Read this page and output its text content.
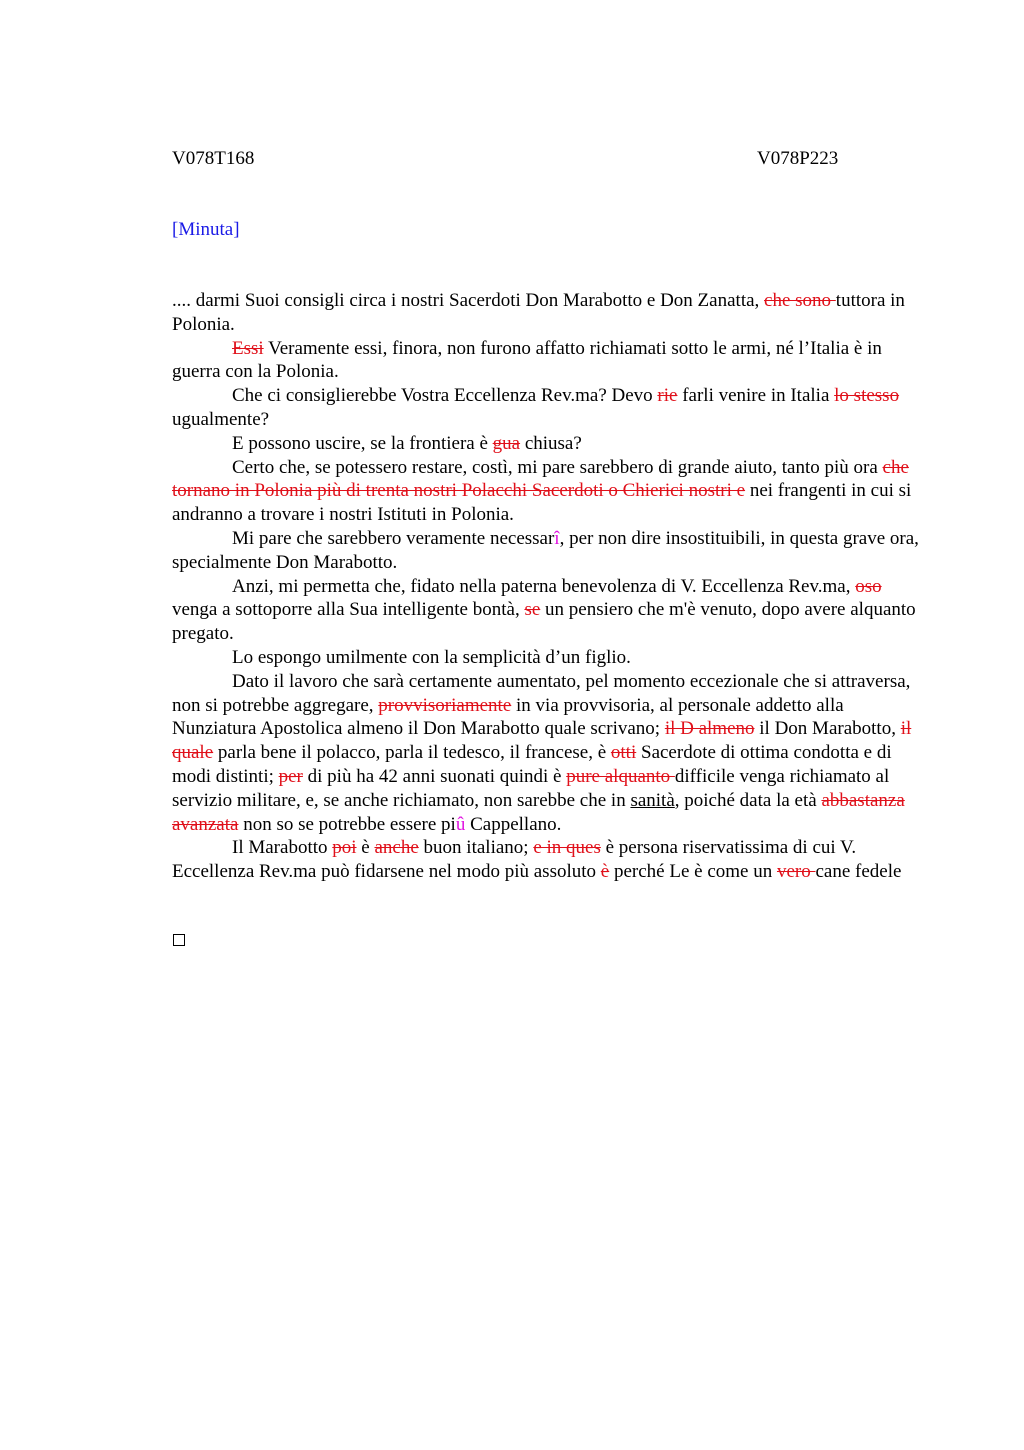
V078T168	V078P223
[Minuta]

.... darmi Suoi consigli circa i nostri Sacerdoti Don Marabotto e Don Zanatta, che sono tuttora in Polonia.

Essi Veramente essi, finora, non furono affatto richiamati sotto le armi, né l’Italia è in guerra con la Polonia.

Che ci consiglierebbe Vostra Eccellenza Rev.ma? Devo rie farli venire in Italia lo stesso ugualmente?

E possono uscire, se la frontiera è gua chiusa?

Certo che, se potessero restare, costì, mi pare sarebbero di grande aiuto, tanto più ora che tornano in Polonia più di trenta nostri Polacchi Sacerdoti o Chierici nostri e nei frangenti in cui si andranno a trovare i nostri Istituti in Polonia.

Mi pare che sarebbero veramente necessarî, per non dire insostituibili, in questa grave ora, specialmente Don Marabotto.

Anzi, mi permetta che, fidato nella paterna benevolenza di V. Eccellenza Rev.ma, oso venga a sottoporre alla Sua intelligente bontà, se un pensiero che m'è venuto, dopo avere alquanto pregato.

Lo espongo umilmente con la semplicità d’un figlio.

Dato il lavoro che sarà certamente aumentato, pel momento eccezionale che si attraversa, non si potrebbe aggregare, provvisoriamente in via provvisoria, al personale addetto alla Nunziatura Apostolica almeno il Don Marabotto quale scrivano; il D almeno il Don Marabotto, il quale parla bene il polacco, parla il tedesco, il francese, è otti Sacerdote di ottima condotta e di modi distinti; per di più ha 42 anni suonati quindi è pure alquanto difficile venga richiamato al servizio militare, e, se anche richiamato, non sarebbe che in sanità, poiché data la età abbastanza avanzata non so se potrebbe essere piû Cappellano.

Il Marabotto poi è anche buon italiano; e in ques è persona riservatissima di cui V. Eccellenza Rev.ma può fidarsene nel modo più assoluto è perché Le è come un vero cane fedele
